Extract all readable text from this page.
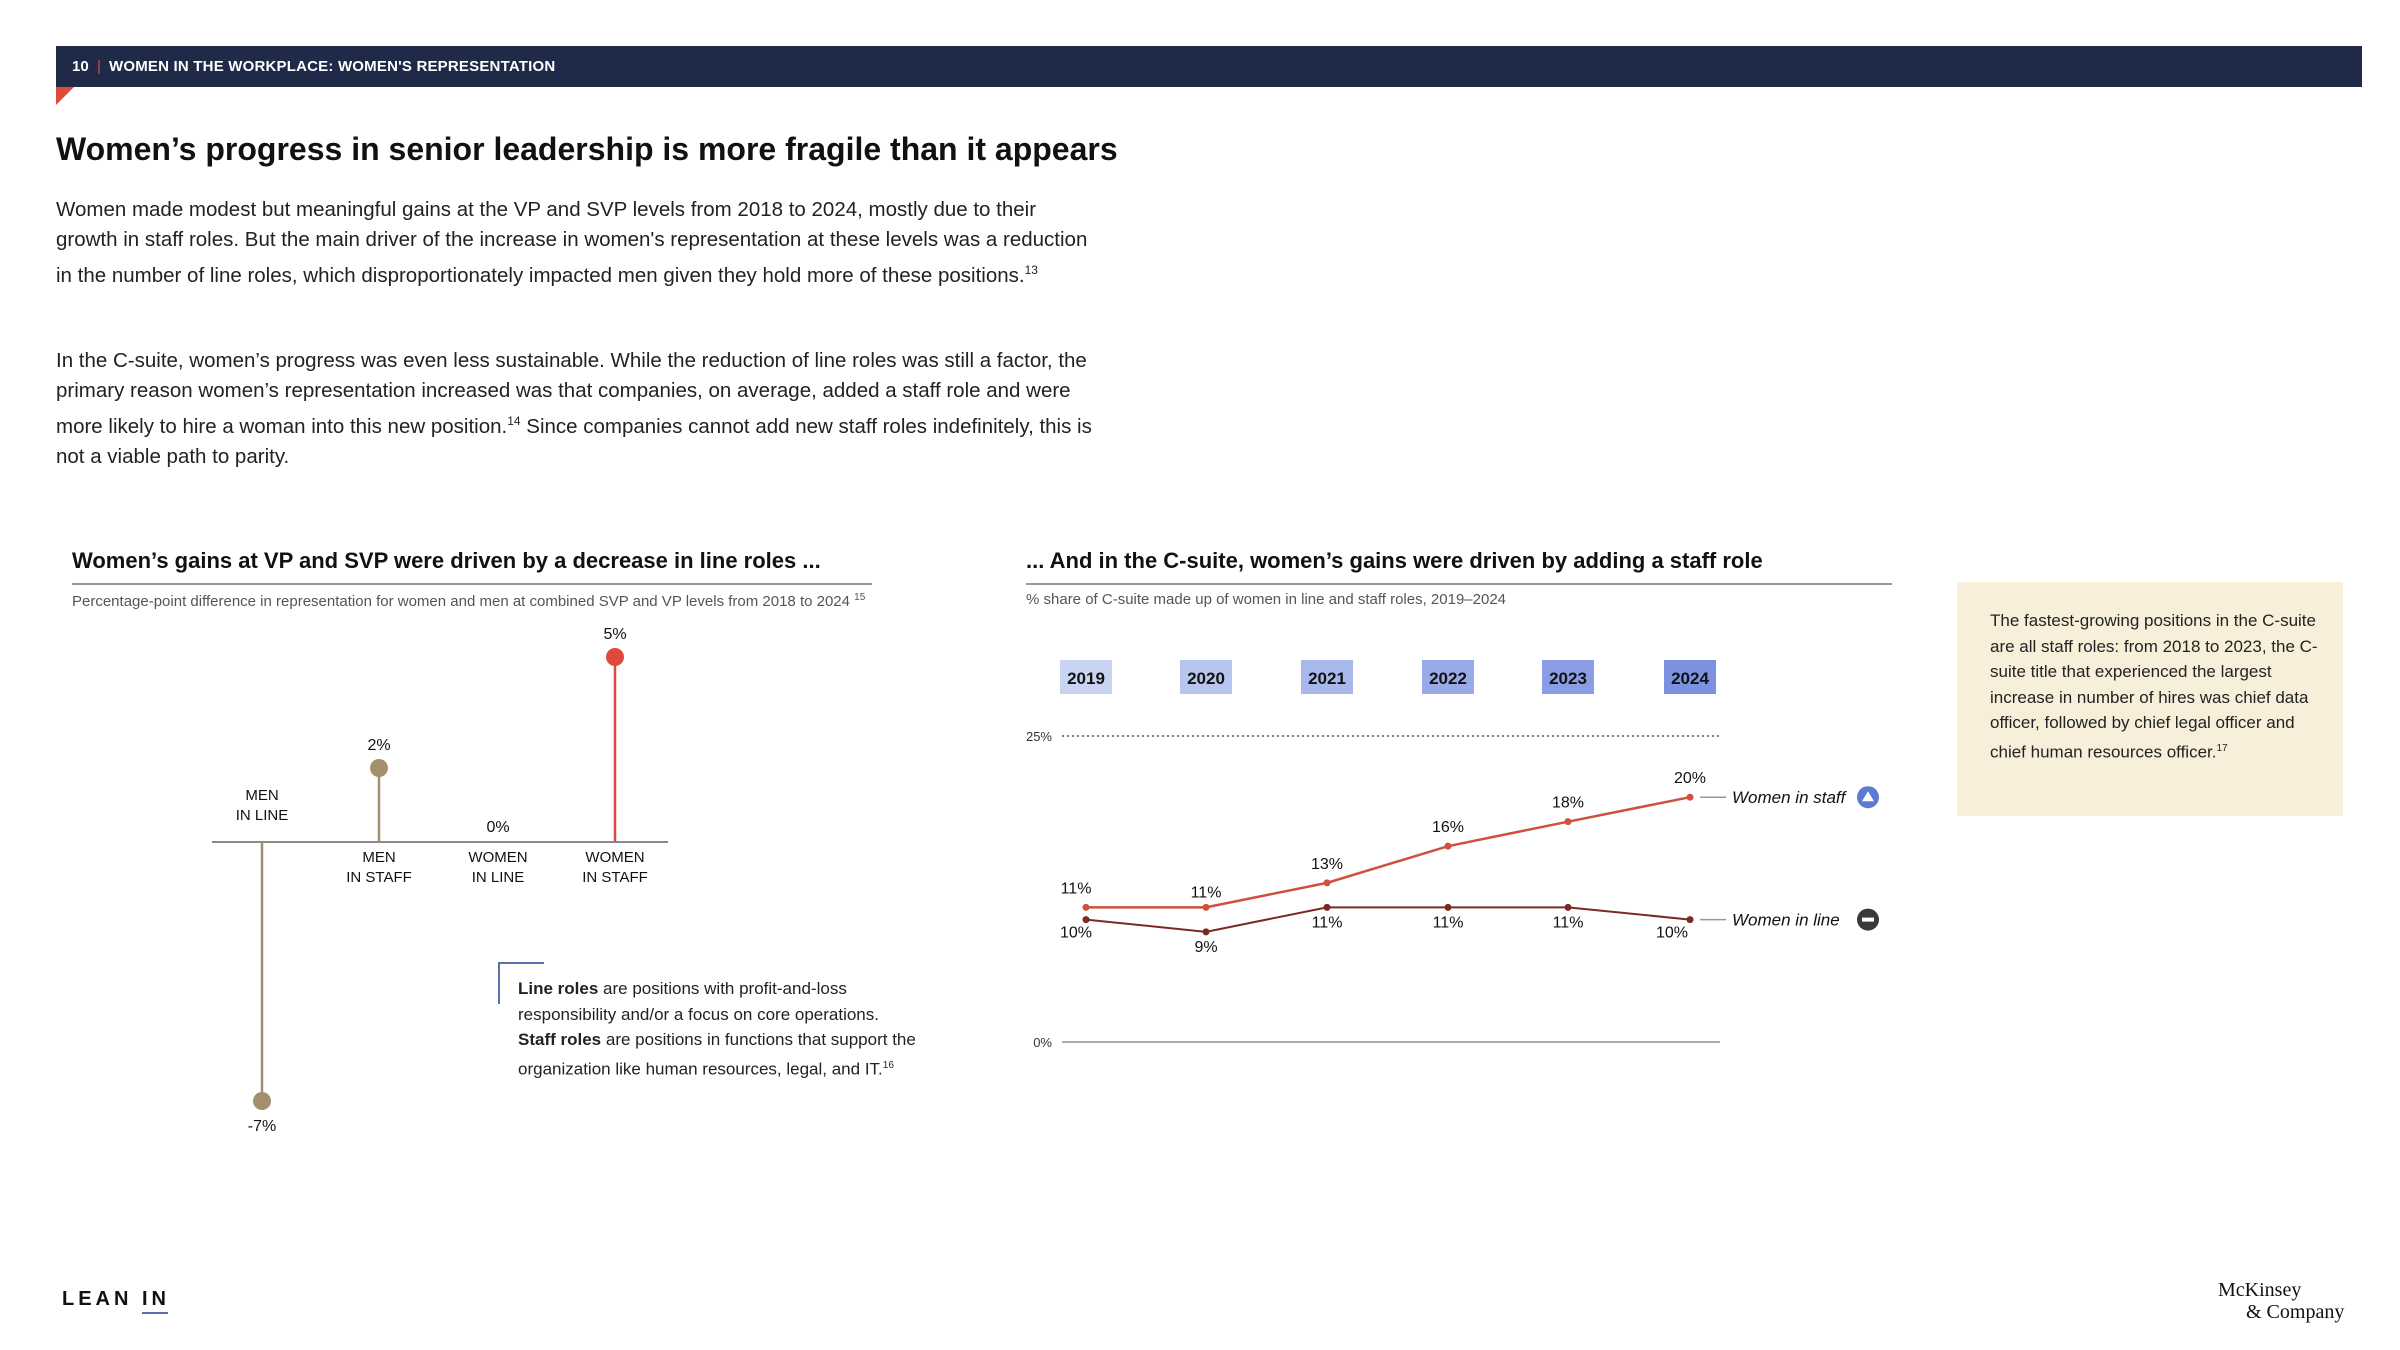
10 | WOMEN IN THE WORKPLACE: WOMEN'S REPRESENTATION
Women’s progress in senior leadership is more fragile than it appears
Women made modest but meaningful gains at the VP and SVP levels from 2018 to 2024, mostly due to their growth in staff roles. But the main driver of the increase in women's representation at these levels was a reduction in the number of line roles, which disproportionately impacted men given they hold more of these positions.$^{13}$
In the C-suite, women’s progress was even less sustainable. While the reduction of line roles was still a factor, the primary reason women’s representation increased was that companies, on average, added a staff role and were more likely to hire a woman into this new position.$^{14}$ Since companies cannot add new staff roles indefinitely, this is not a viable path to parity.
Women’s gains at VP and SVP were driven by a decrease in line roles ...
Percentage-point difference in representation for women and men at combined SVP and VP levels from 2018 to 2024 $^{15}$
... And in the C-suite, women’s gains were driven by adding a staff role
% share of C-suite made up of women in line and staff roles, 2019–2024
MEN
IN LINE
-7%
MEN
IN STAFF
2%
WOMEN
IN LINE
0%
WOMEN
IN STAFF
5%
2019	2020	2021	2022	2023	2024
25%
0%
11%	11%
13%
16%
18%
20%
10%
9%
11%	11%	11%
10%
Women in staff
Women in line
Line roles are positions with profit-and-loss responsibility and/or a focus on core operations. Staff roles are positions in functions that support the organization like human resources, legal, and IT.$^{16}$
The fastest-growing positions in the C-suite are all staff roles: from 2018 to 2023, the C-suite title that experienced the largest increase in number of hires was chief data officer, followed by chief legal officer and chief human resources officer.$^{17}$
LEAN IN	McKinsey
& Company
